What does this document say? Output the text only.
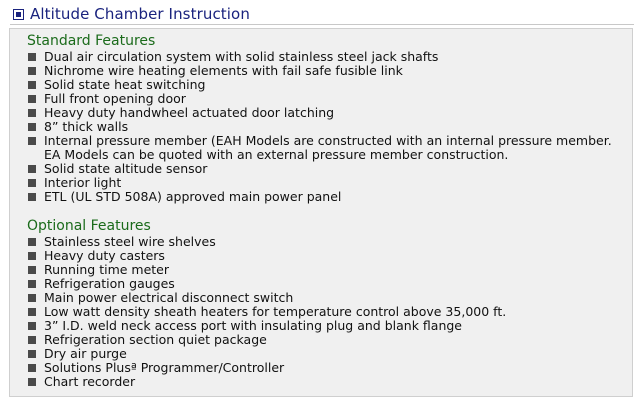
Altitude Chamber Instruction
Standard Features
Dual air circulation system with solid stainless steel jack shafts
Nichrome wire heating elements with fail safe fusible link
Solid state heat switching
Full front opening door
Heavy duty handwheel actuated door latching
8” thick walls
Internal pressure member (EAH Models are constructed with an internal pressure member.
EA Models can be quoted with an external pressure member construction.
Solid state altitude sensor
Interior light
ETL (UL STD 508A) approved main power panel
Optional Features
Stainless steel wire shelves
Heavy duty casters
Running time meter
Refrigeration gauges
Main power electrical disconnect switch
Low watt density sheath heaters for temperature control above 35,000 ft.
3” I.D. weld neck access port with insulating plug and blank flange
Refrigeration section quiet package
Dry air purge
Solutions Plusª Programmer/Controller
Chart recorder
